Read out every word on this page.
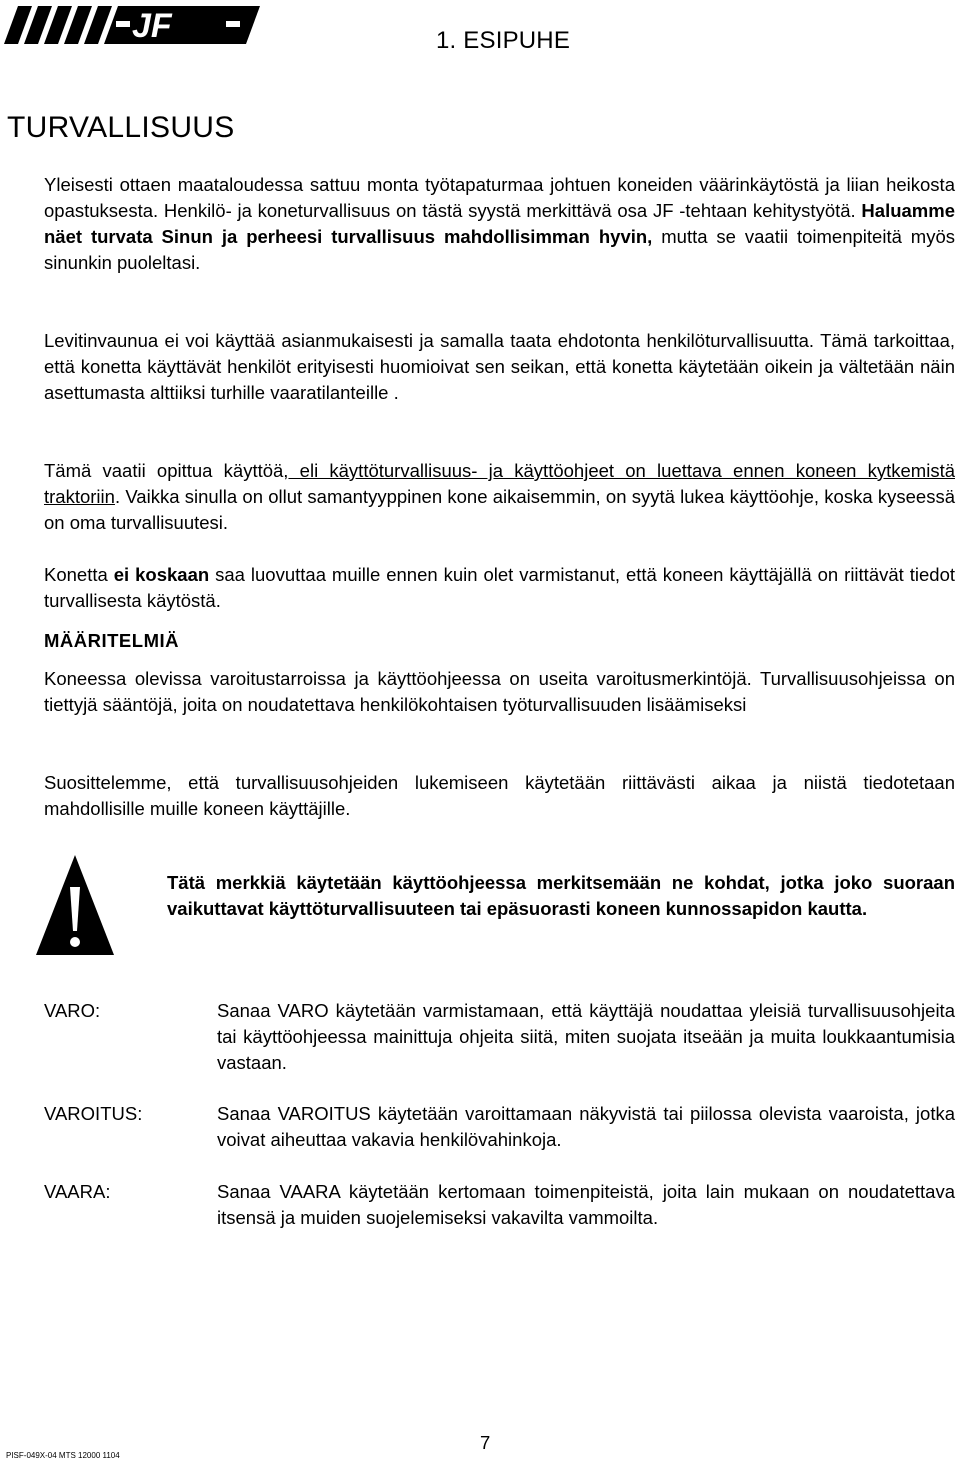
JF	1. ESIPUHE
TURVALLISUUS

Yleisesti ottaen maataloudessa sattuu monta työtapaturmaa johtuen koneiden väärinkäytöstä ja liian heikosta opastuksesta. Henkilö- ja koneturvallisuus on tästä syystä merkittävä osa JF -tehtaan kehitystyötä. Haluamme näet turvata Sinun ja perheesi turvallisuus mahdollisimman hyvin, mutta se vaatii toimenpiteitä myös sinunkin puoleltasi.

Levitinvaunua ei voi käyttää asianmukaisesti ja samalla taata ehdotonta henkilöturvallisuutta. Tämä tarkoittaa, että konetta käyttävät henkilöt erityisesti huomioivat sen seikan, että konetta käytetään oikein ja vältetään näin asettumasta alttiiksi turhille vaaratilanteille .

Tämä vaatii opittua käyttöä, eli käyttöturvallisuus- ja käyttöohjeet on luettava ennen koneen kytkemistä traktoriin. Vaikka sinulla on ollut samantyyppinen kone aikaisemmin, on syytä lukea käyttöohje, koska kyseessä on oma turvallisuutesi.

Konetta ei koskaan saa luovuttaa muille ennen kuin olet varmistanut, että koneen käyttäjällä on riittävät tiedot turvallisesta käytöstä.

MÄÄRITELMIÄ

Koneessa olevissa varoitustarroissa ja käyttöohjeessa on useita varoitusmerkintöjä. Turvallisuusohjeissa on tiettyjä sääntöjä, joita on noudatettava henkilökohtaisen työturvallisuuden lisäämiseksi

Suosittelemme, että turvallisuusohjeiden lukemiseen käytetään riittävästi aikaa ja niistä tiedotetaan mahdollisille muille koneen käyttäjille.

Tätä merkkiä käytetään käyttöohjeessa merkitsemään ne kohdat, jotka joko suoraan vaikuttavat käyttöturvallisuuteen tai epäsuorasti koneen kunnossapidon kautta.

VARO:	Sanaa VARO käytetään varmistamaan, että käyttäjä noudattaa yleisiä turvallisuusohjeita tai käyttöohjeessa mainittuja ohjeita siitä, miten suojata itseään ja muita loukkaantumisia vastaan.

VAROITUS:	Sanaa VAROITUS käytetään varoittamaan näkyvistä tai piilossa olevista vaaroista, jotka voivat aiheuttaa vakavia henkilövahinkoja.

VAARA:	Sanaa VAARA käytetään kertomaan toimenpiteistä, joita lain mukaan on noudatettava itsensä ja muiden suojelemiseksi vakavilta vammoilta.

7
PISF-049X-04 MTS 12000 1104
